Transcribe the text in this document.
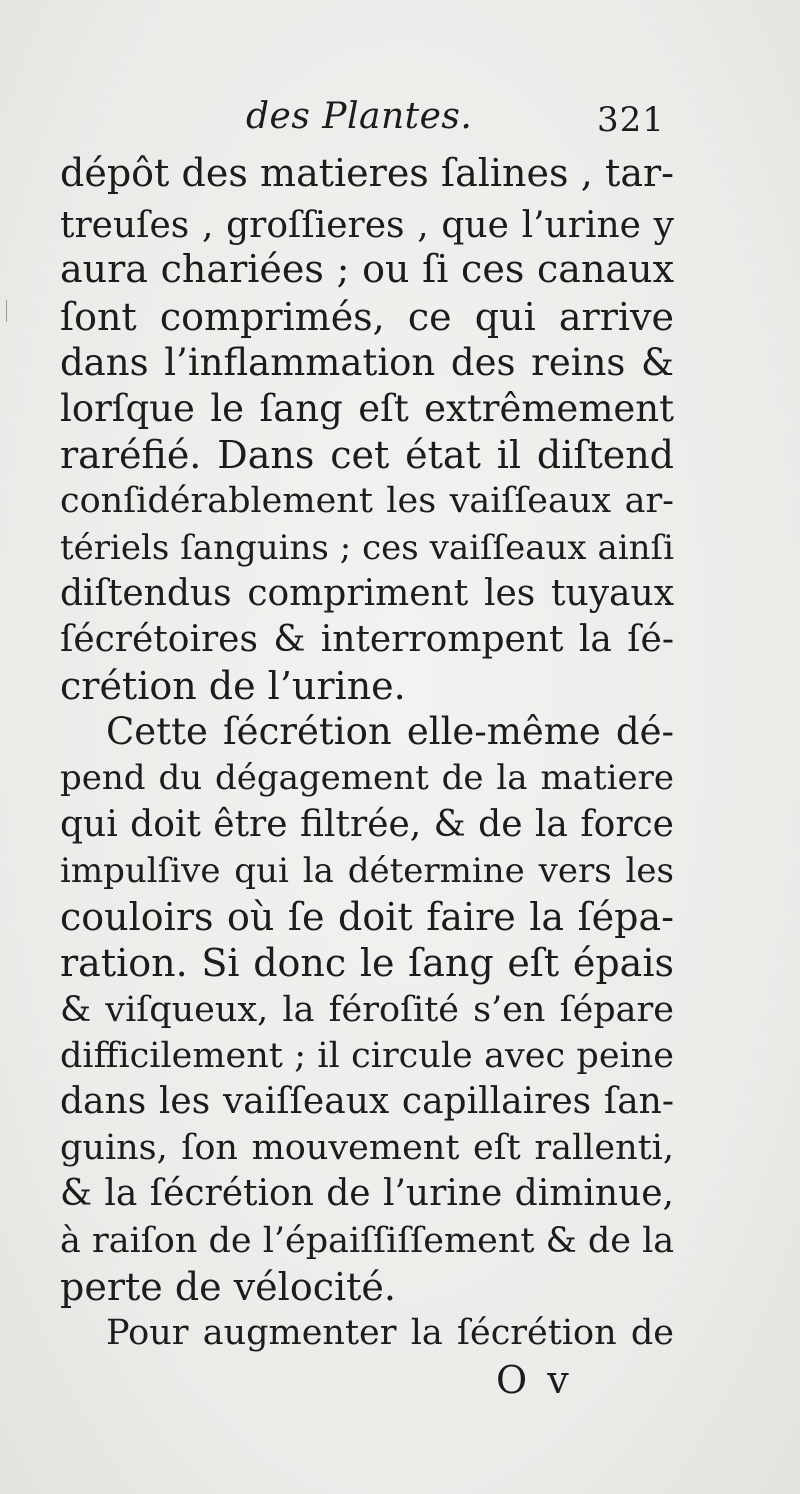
des Plantes.	321
dépôt des matieres ſalines , tar-
treuſes , groſſieres , que l’urine y
aura chariées ; ou ſi ces canaux
ſont comprimés, ce qui arrive
dans l’inflammation des reins &
lorſque le ſang eſt extrêmement
raréfié. Dans cet état il diſtend
conſidérablement les vaiſſeaux ar-
tériels ſanguins ; ces vaiſſeaux ainſi
diſtendus compriment les tuyaux
ſécrétoires & interrompent la ſé-
crétion de l’urine.
Cette ſécrétion elle-même dé-
pend du dégagement de la matiere
qui doit être filtrée, & de la force
impulſive qui la détermine vers les
couloirs où ſe doit faire la ſépa-
ration. Si donc le ſang eſt épais
& viſqueux, la féroſité s’en ſépare
difficilement ; il circule avec peine
dans les vaiſſeaux capillaires ſan-
guins, ſon mouvement eſt rallenti,
& la ſécrétion de l’urine diminue,
à raiſon de l’épaiſſiſſement & de la
perte de vélocité.
Pour augmenter la ſécrétion de
O v
